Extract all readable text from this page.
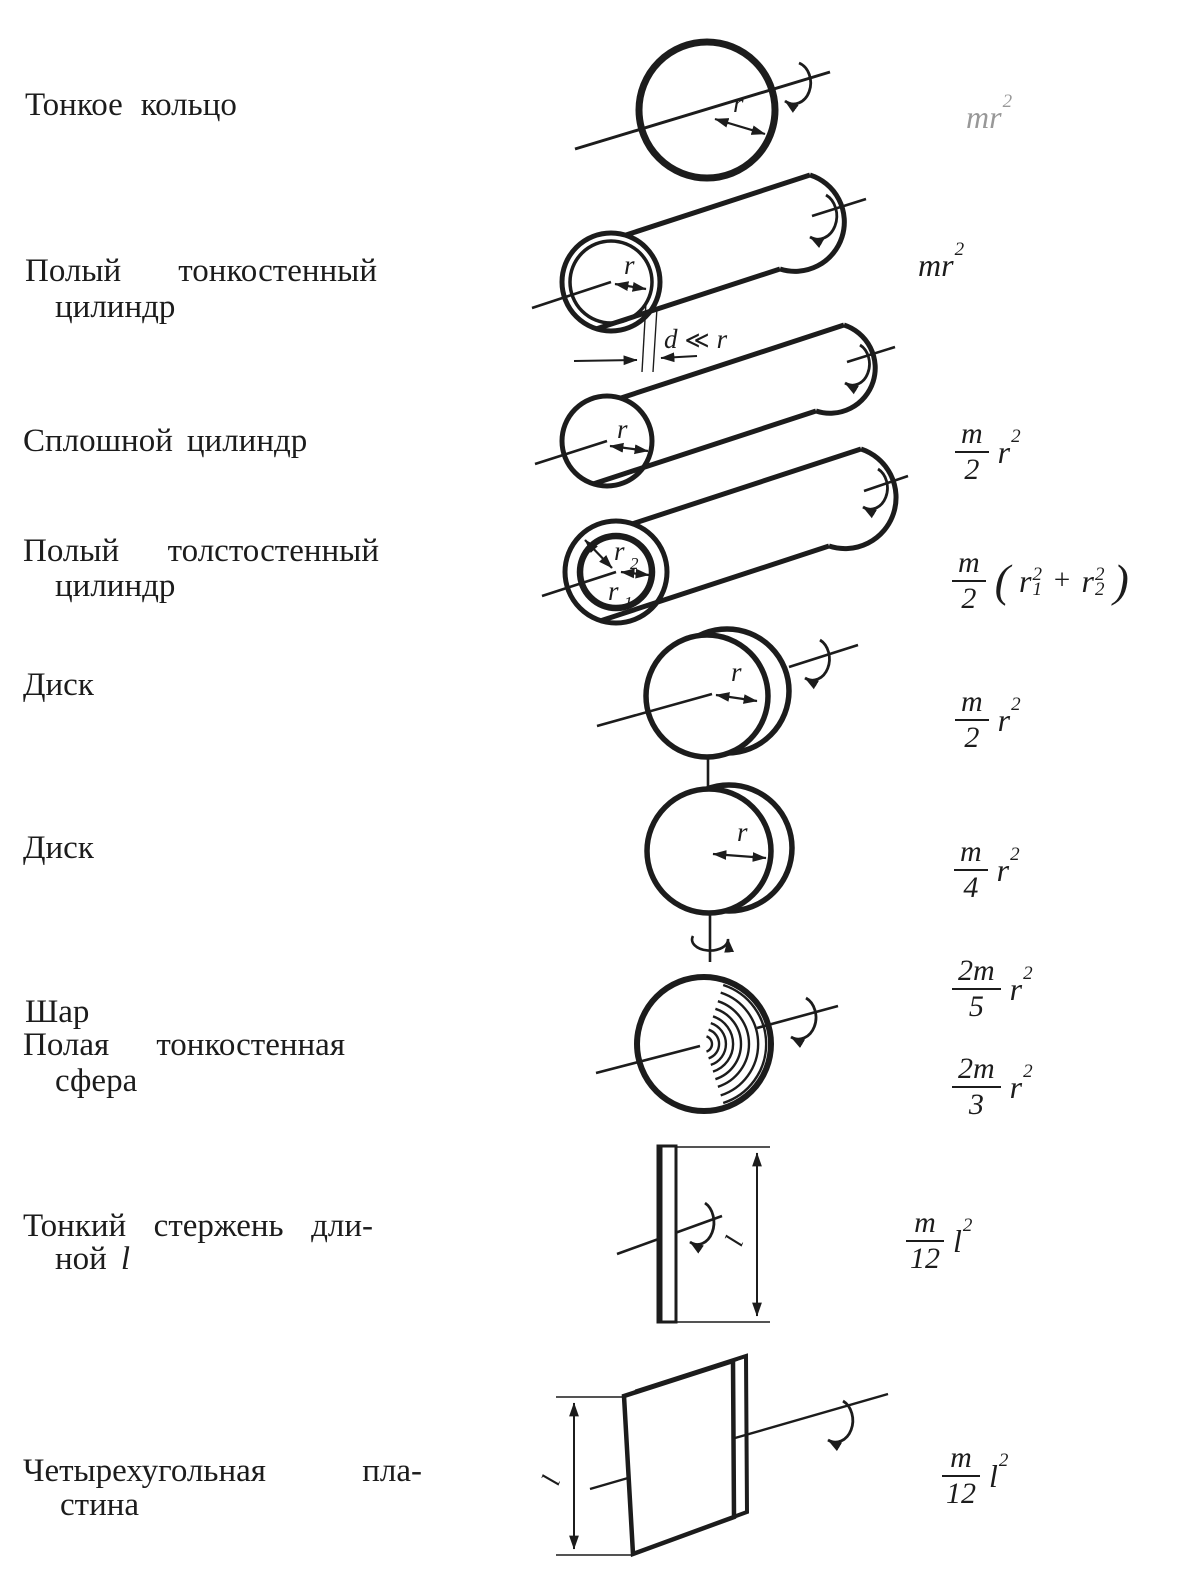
r
r
d ≪ r
r
r 2
r 1
r
r
l
l
Тонкое кольцо
Полый тонкостенный
цилиндр
Сплошной цилиндр
Полый толстостенный
цилиндр
Диск
Диск
Шар
Полая тонкостенная
сфера
Тонкий стержень дли-
ной l
Четырехугольная	пла-
стина
$mr^2$
$mr^2$
$\frac{m}{2} r^2$
$\frac{m}{2}$ ( r 2
1 + r 2
2 )
$\frac{m}{2} r^2$
$\frac{m}{4} r^2$
$\frac{2m}{5} r^2$
$\frac{2m}{3} r^2$
$\frac{m}{12} l^2$
$\frac{m}{12} l^2$
